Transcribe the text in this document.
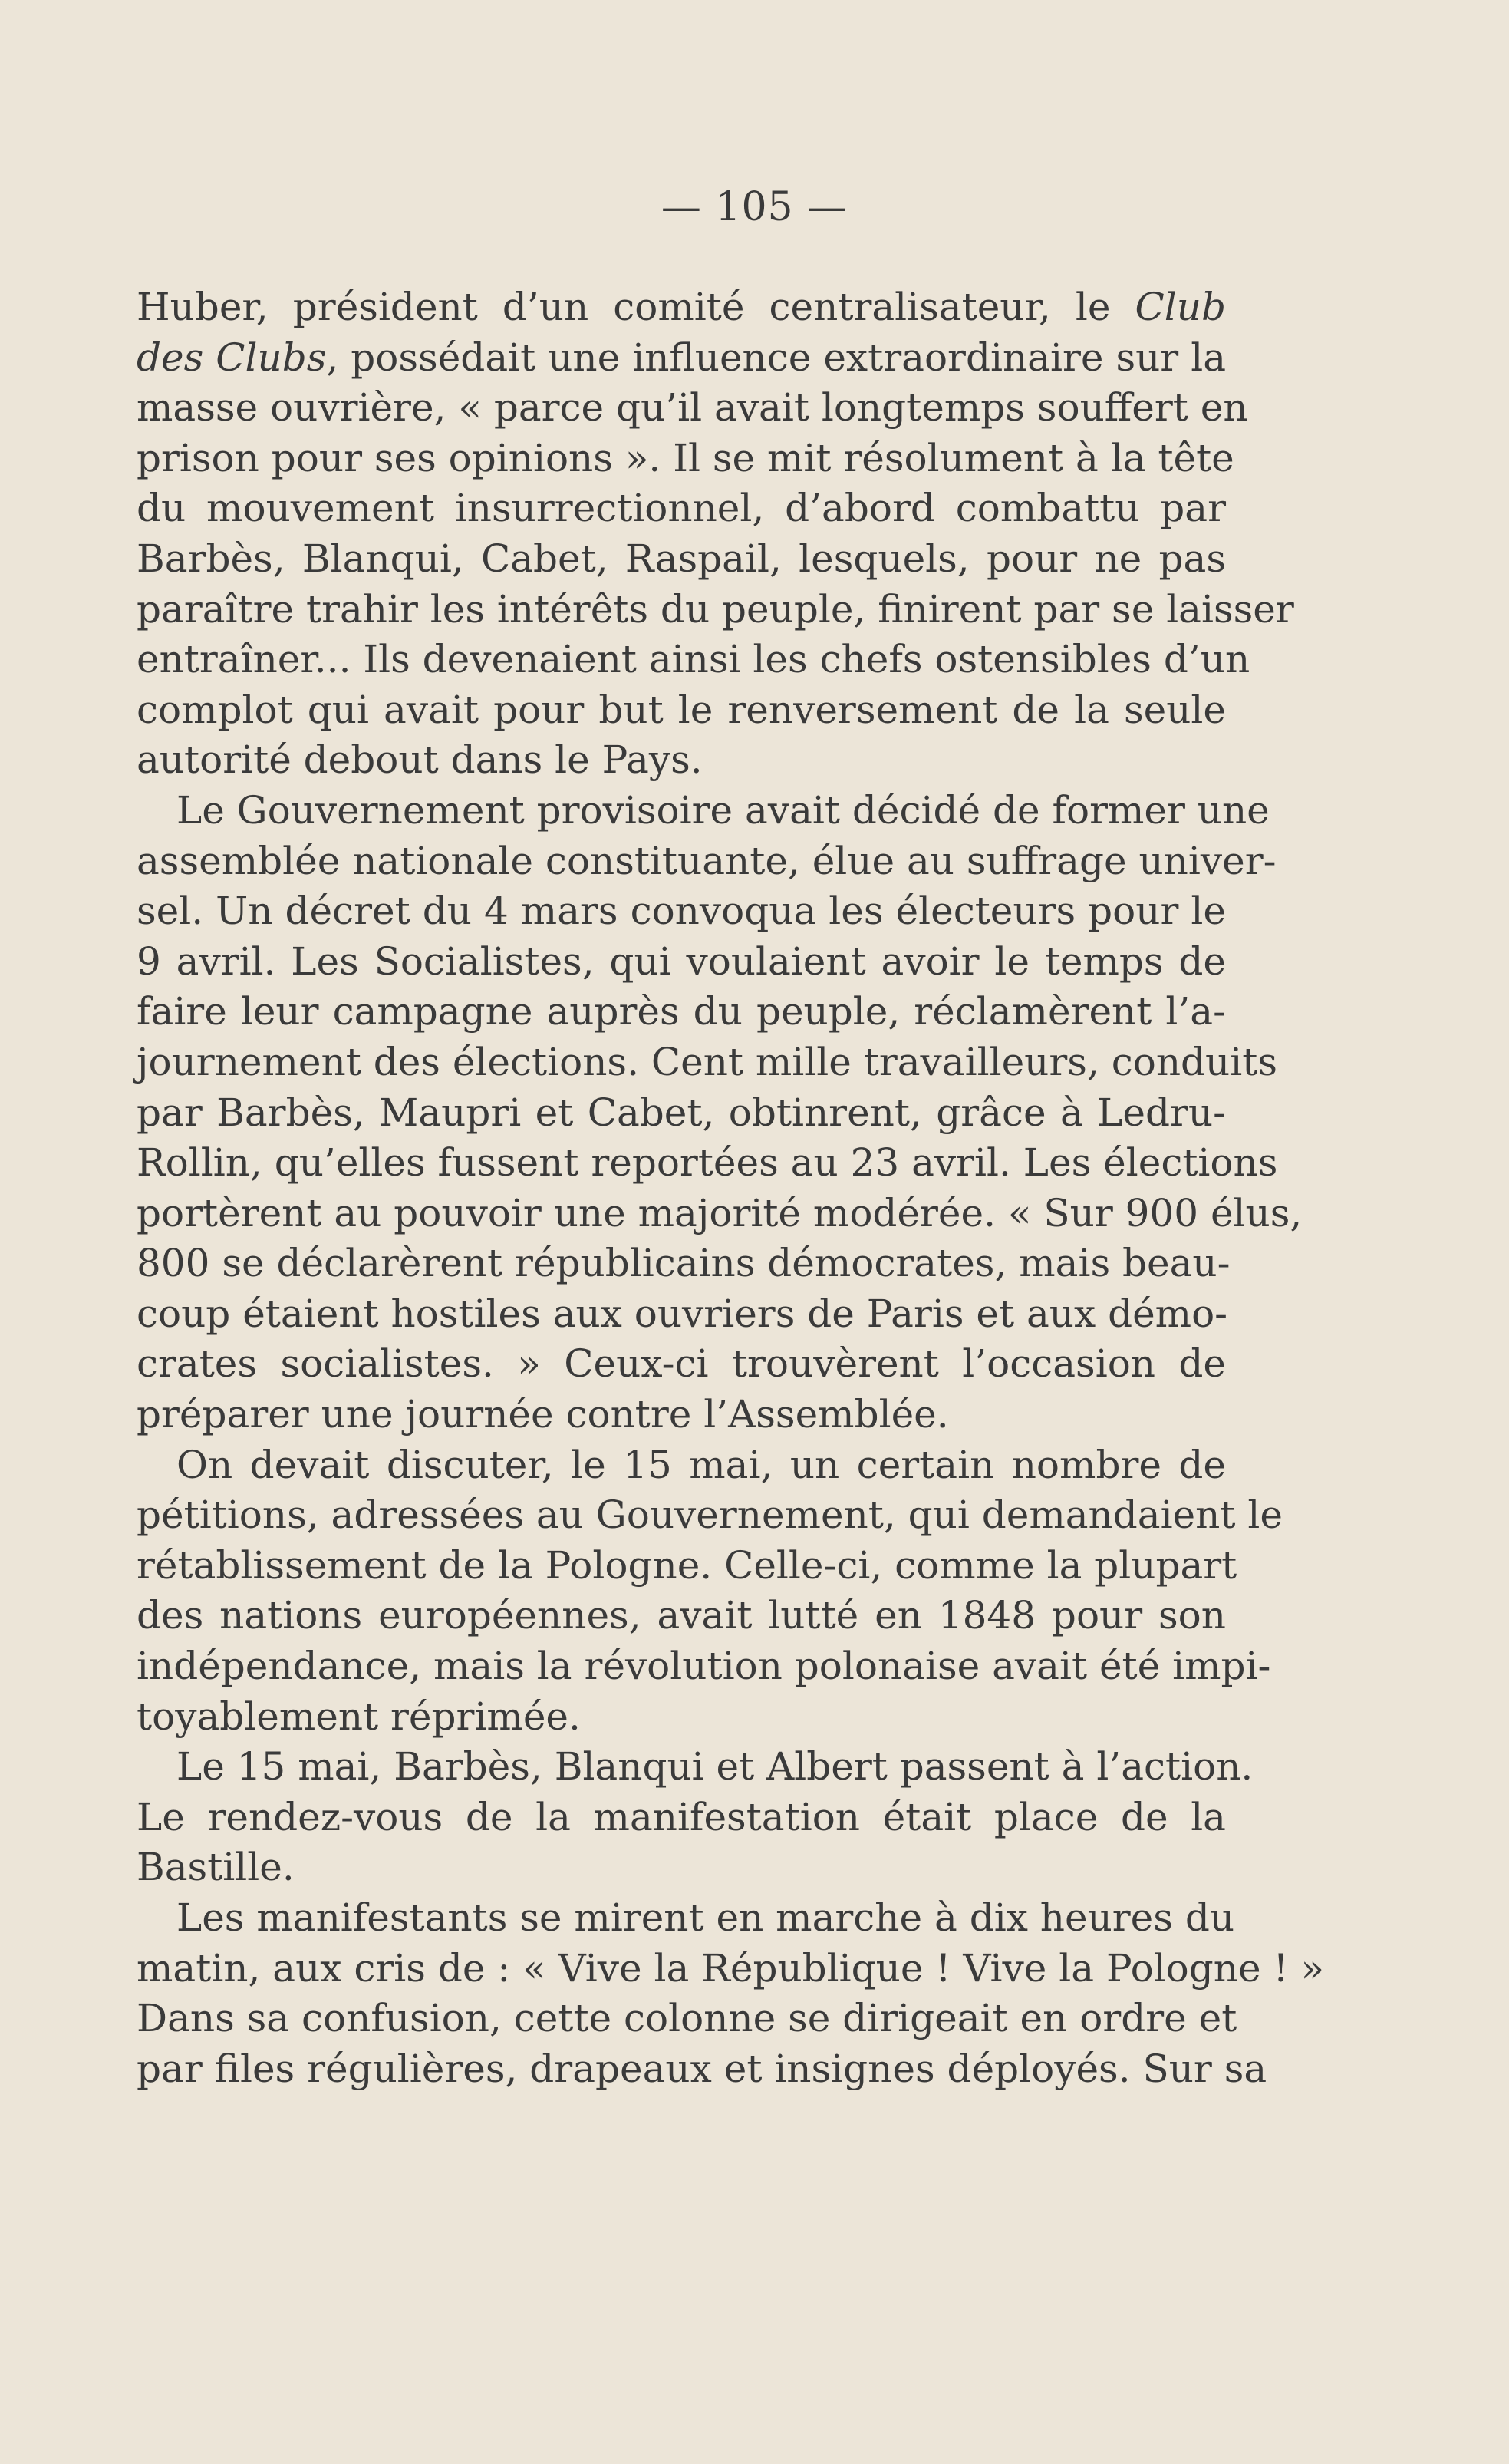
— 105 —
Huber, président d’un comité centralisateur, le Club
des Clubs, possédait une influence extraordinaire sur la
masse ouvrière, « parce qu’il avait longtemps souffert en
prison pour ses opinions ». Il se mit résolument à la tête
du mouvement insurrectionnel, d’abord combattu par
Barbès, Blanqui, Cabet, Raspail, lesquels, pour ne pas
paraître trahir les intérêts du peuple, finirent par se laisser
entraîner... Ils devenaient ainsi les chefs ostensibles d’un
complot qui avait pour but le renversement de la seule
autorité debout dans le Pays.
Le Gouvernement provisoire avait décidé de former une
assemblée nationale constituante, élue au suffrage univer-
sel. Un décret du 4 mars convoqua les électeurs pour le
9 avril. Les Socialistes, qui voulaient avoir le temps de
faire leur campagne auprès du peuple, réclamèrent l’a-
journement des élections. Cent mille travailleurs, conduits
par Barbès, Maupri et Cabet, obtinrent, grâce à Ledru-
Rollin, qu’elles fussent reportées au 23 avril. Les élections
portèrent au pouvoir une majorité modérée. « Sur 900 élus,
800 se déclarèrent républicains démocrates, mais beau-
coup étaient hostiles aux ouvriers de Paris et aux démo-
crates socialistes. » Ceux-ci trouvèrent l’occasion de
préparer une journée contre l’Assemblée.
On devait discuter, le 15 mai, un certain nombre de
pétitions, adressées au Gouvernement, qui demandaient le
rétablissement de la Pologne. Celle-ci, comme la plupart
des nations européennes, avait lutté en 1848 pour son
indépendance, mais la révolution polonaise avait été impi-
toyablement réprimée.
Le 15 mai, Barbès, Blanqui et Albert passent à l’action.
Le rendez-vous de la manifestation était place de la
Bastille.
Les manifestants se mirent en marche à dix heures du
matin, aux cris de : « Vive la République ! Vive la Pologne ! »
Dans sa confusion, cette colonne se dirigeait en ordre et
par files régulières, drapeaux et insignes déployés. Sur sa
